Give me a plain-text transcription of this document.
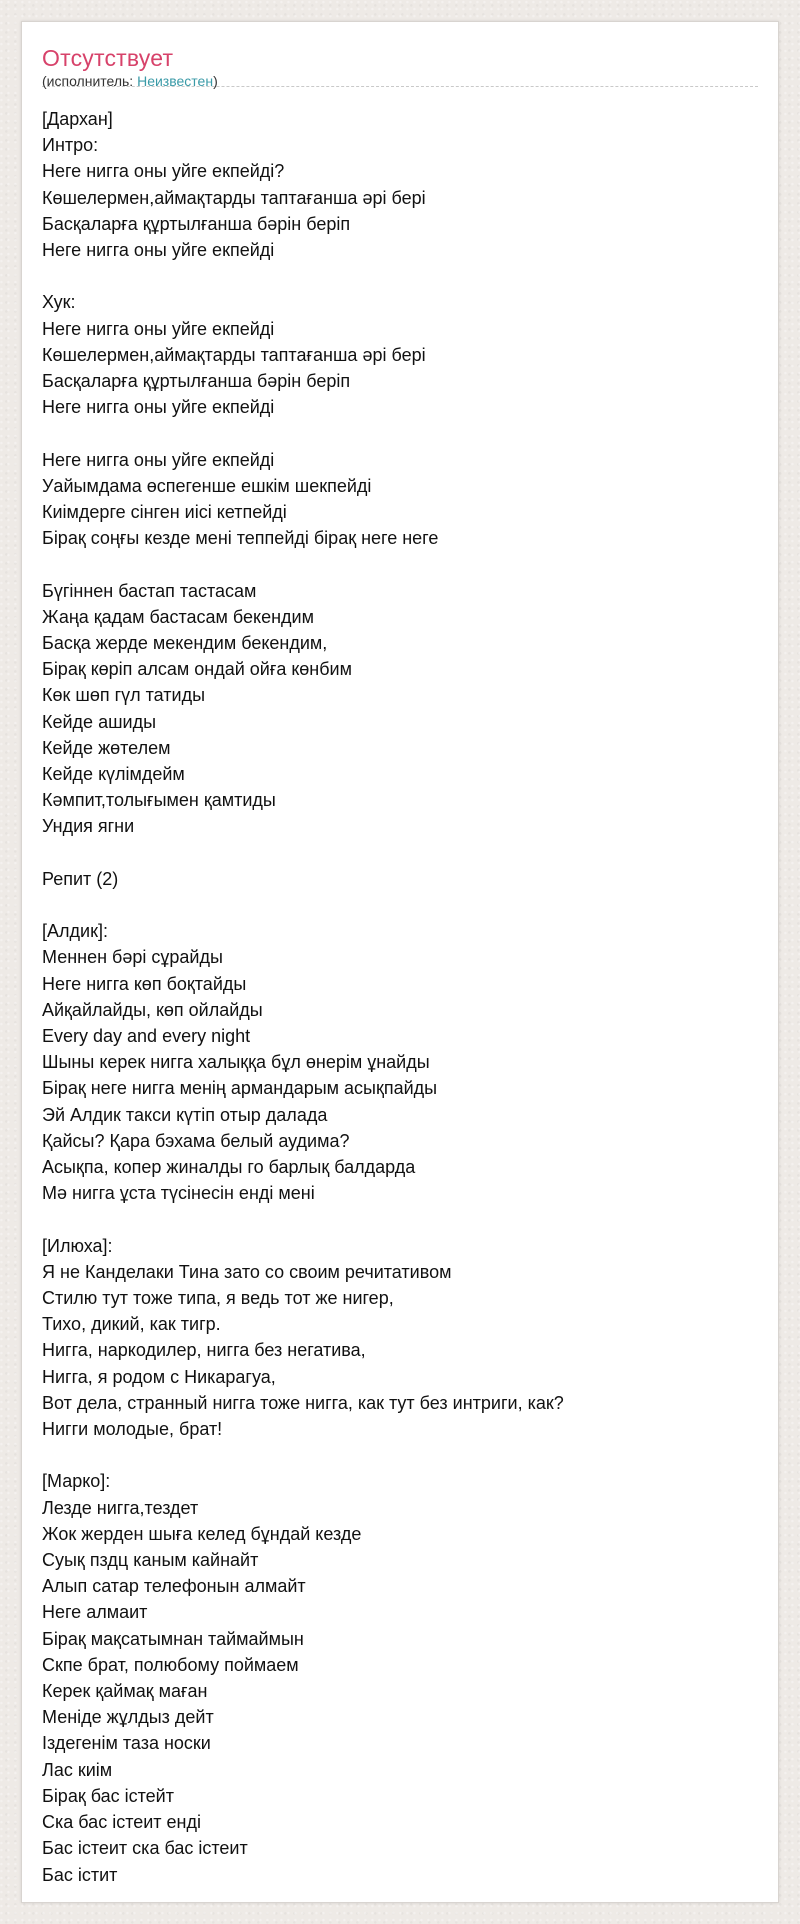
Отсутствует
(исполнитель: Неизвестен)
[Дархан]
Интро:
Неге нигга оны уйге екпейді?
Көшелермен,аймақтарды таптағанша әрі бері
Басқаларға құртылғанша бәрін беріп
Неге нигга оны уйге екпейді
Хук:
Неге нигга оны уйге екпейді
Көшелермен,аймақтарды таптағанша әрі бері
Басқаларға құртылғанша бәрін беріп
Неге нигга оны уйге екпейді
Неге нигга оны уйге екпейді
Уайымдама өспегенше ешкім шекпейді
Киімдерге сінген иісі кетпейді
Бірақ соңғы кезде мені теппейді бірақ неге неге
Бүгіннен бастап тастасам
Жаңа қадам бастасам бекендим
Басқа жерде мекендим бекендим,
Бірақ көріп алсам ондай ойға көнбим
Көк шөп гүл татиды
Кейде ашиды
Кейде жөтелем
Кейде күлімдейм
Кәмпит,толығымен қамтиды
Ундия ягни
Репит (2)
[Алдик]:
Меннен бәрі сұрайды
Неге нигга көп боқтайды
Айқайлайды, көп ойлайды
Every day and every night
Шыны керек нигга халыққа бұл өнерім ұнайды
Бірақ неге нигга менің армандарым асықпайды
Эй Алдик такси күтіп отыр далада
Қайсы? Қара бэхама белый аудима?
Асықпа, копер жиналды го барлық балдарда
Мә нигга ұста түсінесін енді мені
[Илюха]:
Я не Канделаки Тина зато со своим речитативом
Стилю тут тоже типа, я ведь тот же нигер,
Тихо, дикий, как тигр.
Нигга, наркодилер, нигга без негатива,
Нигга, я родом с Никарагуа,
Вот дела, странный нигга тоже нигга, как тут без интриги, как?
Нигги молодые, брат!
[Марко]:
Лезде нигга,тездет
Жок жерден шыға келед бұндай кезде
Суық пздц каным кайнайт
Алып сатар телефонын алмайт
Неге алмаит
Бірақ мақсатымнан таймаймын
Скпе брат, полюбому поймаем
Керек қаймақ маған
Меніде жұлдыз дейт
Іздегенім таза носки
Лас киім
Бірақ бас істейт
Ска бас істеит енді
Бас істеит ска бас істеит
Бас істит
